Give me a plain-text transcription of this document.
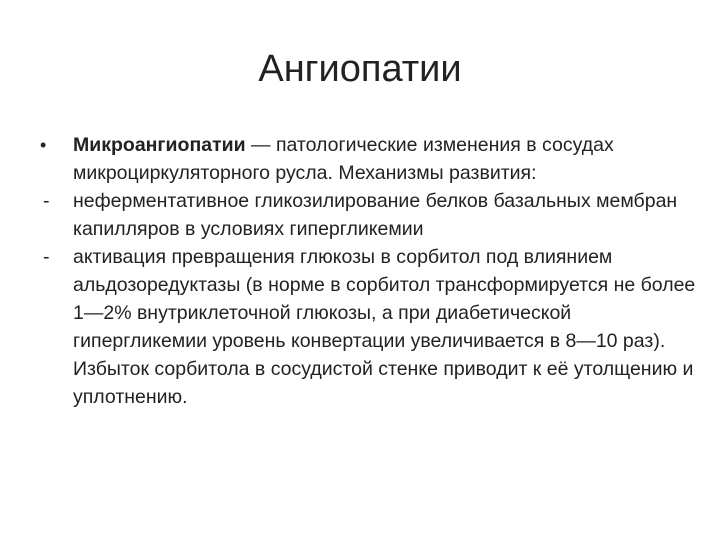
Ангиопатии

•	Микроангиопатии — патологические изменения в сосудах микроциркуляторного русла. Механизмы развития:

-	неферментативное гликозилирование белков базальных мембран капилляров в условиях гипергликемии

-	активация превращения глюкозы в сорбитол под влиянием альдозоредуктазы (в норме в сорбитол трансформируется не более 1—2% внутриклеточной глюкозы, а при диабетической гипергликемии уровень конвертации увеличивается в 8—10 раз). Избыток сорбитола в сосудистой стенке приводит к её утолщению и уплотнению.
